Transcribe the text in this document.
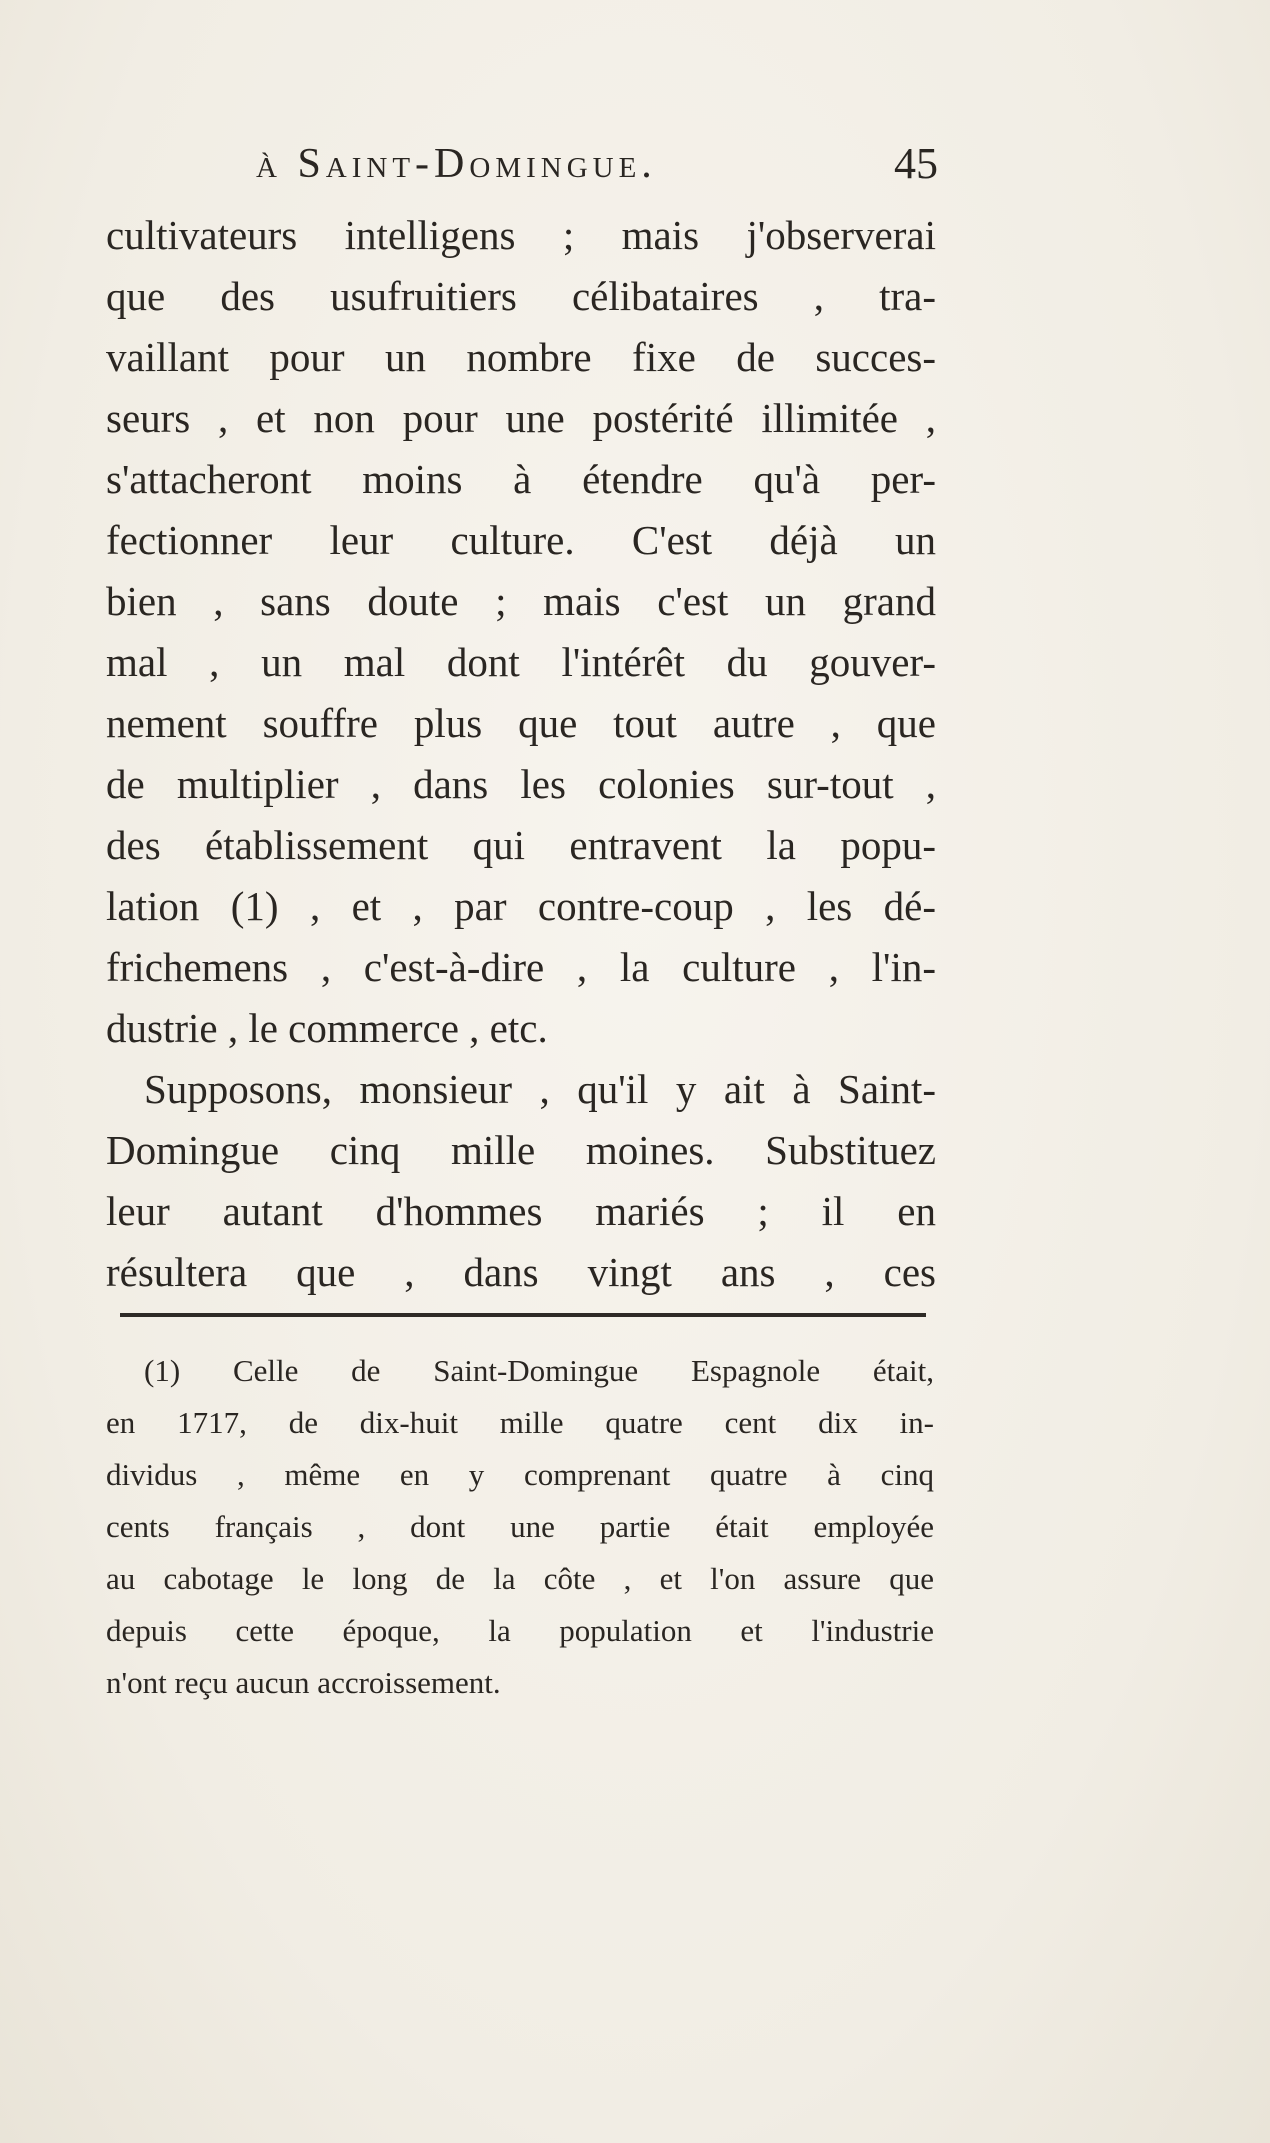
à Saint-Domingue.	45
cultivateurs intelligens ; mais j'observerai
que des usufruitiers célibataires , tra-
vaillant pour un nombre fixe de succes-
seurs , et non pour une postérité illimitée ,
s'attacheront moins à étendre qu'à per-
fectionner leur culture. C'est déjà un
bien , sans doute ; mais c'est un grand
mal , un mal dont l'intérêt du gouver-
nement souffre plus que tout autre , que
de multiplier , dans les colonies sur-tout ,
des établissement qui entravent la popu-
lation (1) , et , par contre-coup , les dé-
frichemens , c'est-à-dire , la culture , l'in-
dustrie , le commerce , etc.
Supposons, monsieur , qu'il y ait à Saint-
Domingue cinq mille moines. Substituez
leur autant d'hommes mariés ; il en
résultera que , dans vingt ans , ces
(1) Celle de Saint-Domingue Espagnole était,
en 1717, de dix-huit mille quatre cent dix in-
dividus , même en y comprenant quatre à cinq
cents français , dont une partie était employée
au cabotage le long de la côte , et l'on assure que
depuis cette époque, la population et l'industrie
n'ont reçu aucun accroissement.
